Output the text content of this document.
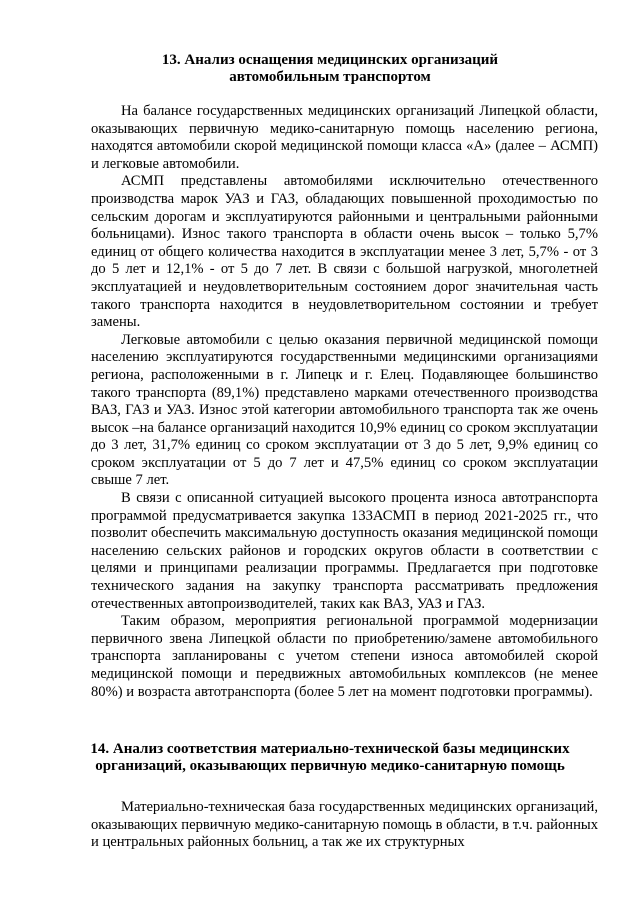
13. Анализ оснащения медицинских организаций
автомобильным транспортом

На балансе государственных медицинских организаций Липецкой области, оказывающих первичную медико-санитарную помощь населению региона, находятся автомобили скорой медицинской помощи класса «А» (далее – АСМП) и легковые автомобили.

АСМП представлены автомобилями исключительно отечественного производства марок УАЗ и ГАЗ, обладающих повышенной проходимостью по сельским дорогам и эксплуатируются районными и центральными районными больницами). Износ такого транспорта в области очень высок – только 5,7% единиц от общего количества находится в эксплуатации менее 3 лет, 5,7% - от 3 до 5 лет и 12,1% - от 5 до 7 лет. В связи с большой нагрузкой, многолетней эксплуатацией и неудовлетворительным состоянием дорог значительная часть такого транспорта находится в неудовлетворительном состоянии и требует замены.

Легковые автомобили с целью оказания первичной медицинской помощи населению эксплуатируются государственными медицинскими организациями региона, расположенными в г. Липецк и г. Елец. Подавляющее большинство такого транспорта (89,1%) представлено марками отечественного производства ВАЗ, ГАЗ и УАЗ. Износ этой категории автомобильного транспорта так же очень высок –на балансе организаций находится 10,9% единиц со сроком эксплуатации до 3 лет, 31,7% единиц со сроком эксплуатации от 3 до 5 лет, 9,9% единиц со сроком эксплуатации от 5 до 7 лет и 47,5% единиц со сроком эксплуатации свыше 7 лет.

В связи с описанной ситуацией высокого процента износа автотранспорта программой предусматривается закупка 133АСМП в период 2021-2025 гг., что позволит обеспечить максимальную доступность оказания медицинской помощи населению сельских районов и городских округов области в соответствии с целями и принципами реализации программы. Предлагается при подготовке технического задания на закупку транспорта рассматривать предложения отечественных автопроизводителей, таких как ВАЗ, УАЗ и ГАЗ.

Таким образом, мероприятия региональной программой модернизации первичного звена Липецкой области по приобретению/замене автомобильного транспорта запланированы с учетом степени износа автомобилей скорой медицинской помощи и передвижных автомобильных комплексов (не менее 80%) и возраста автотранспорта (более 5 лет на момент подготовки программы).

14. Анализ соответствия материально-технической базы медицинских
организаций, оказывающих первичную медико-санитарную помощь

Материально-техническая база государственных медицинских организаций, оказывающих первичную медико-санитарную помощь в области, в т.ч. районных и центральных районных больниц, а так же их структурных
